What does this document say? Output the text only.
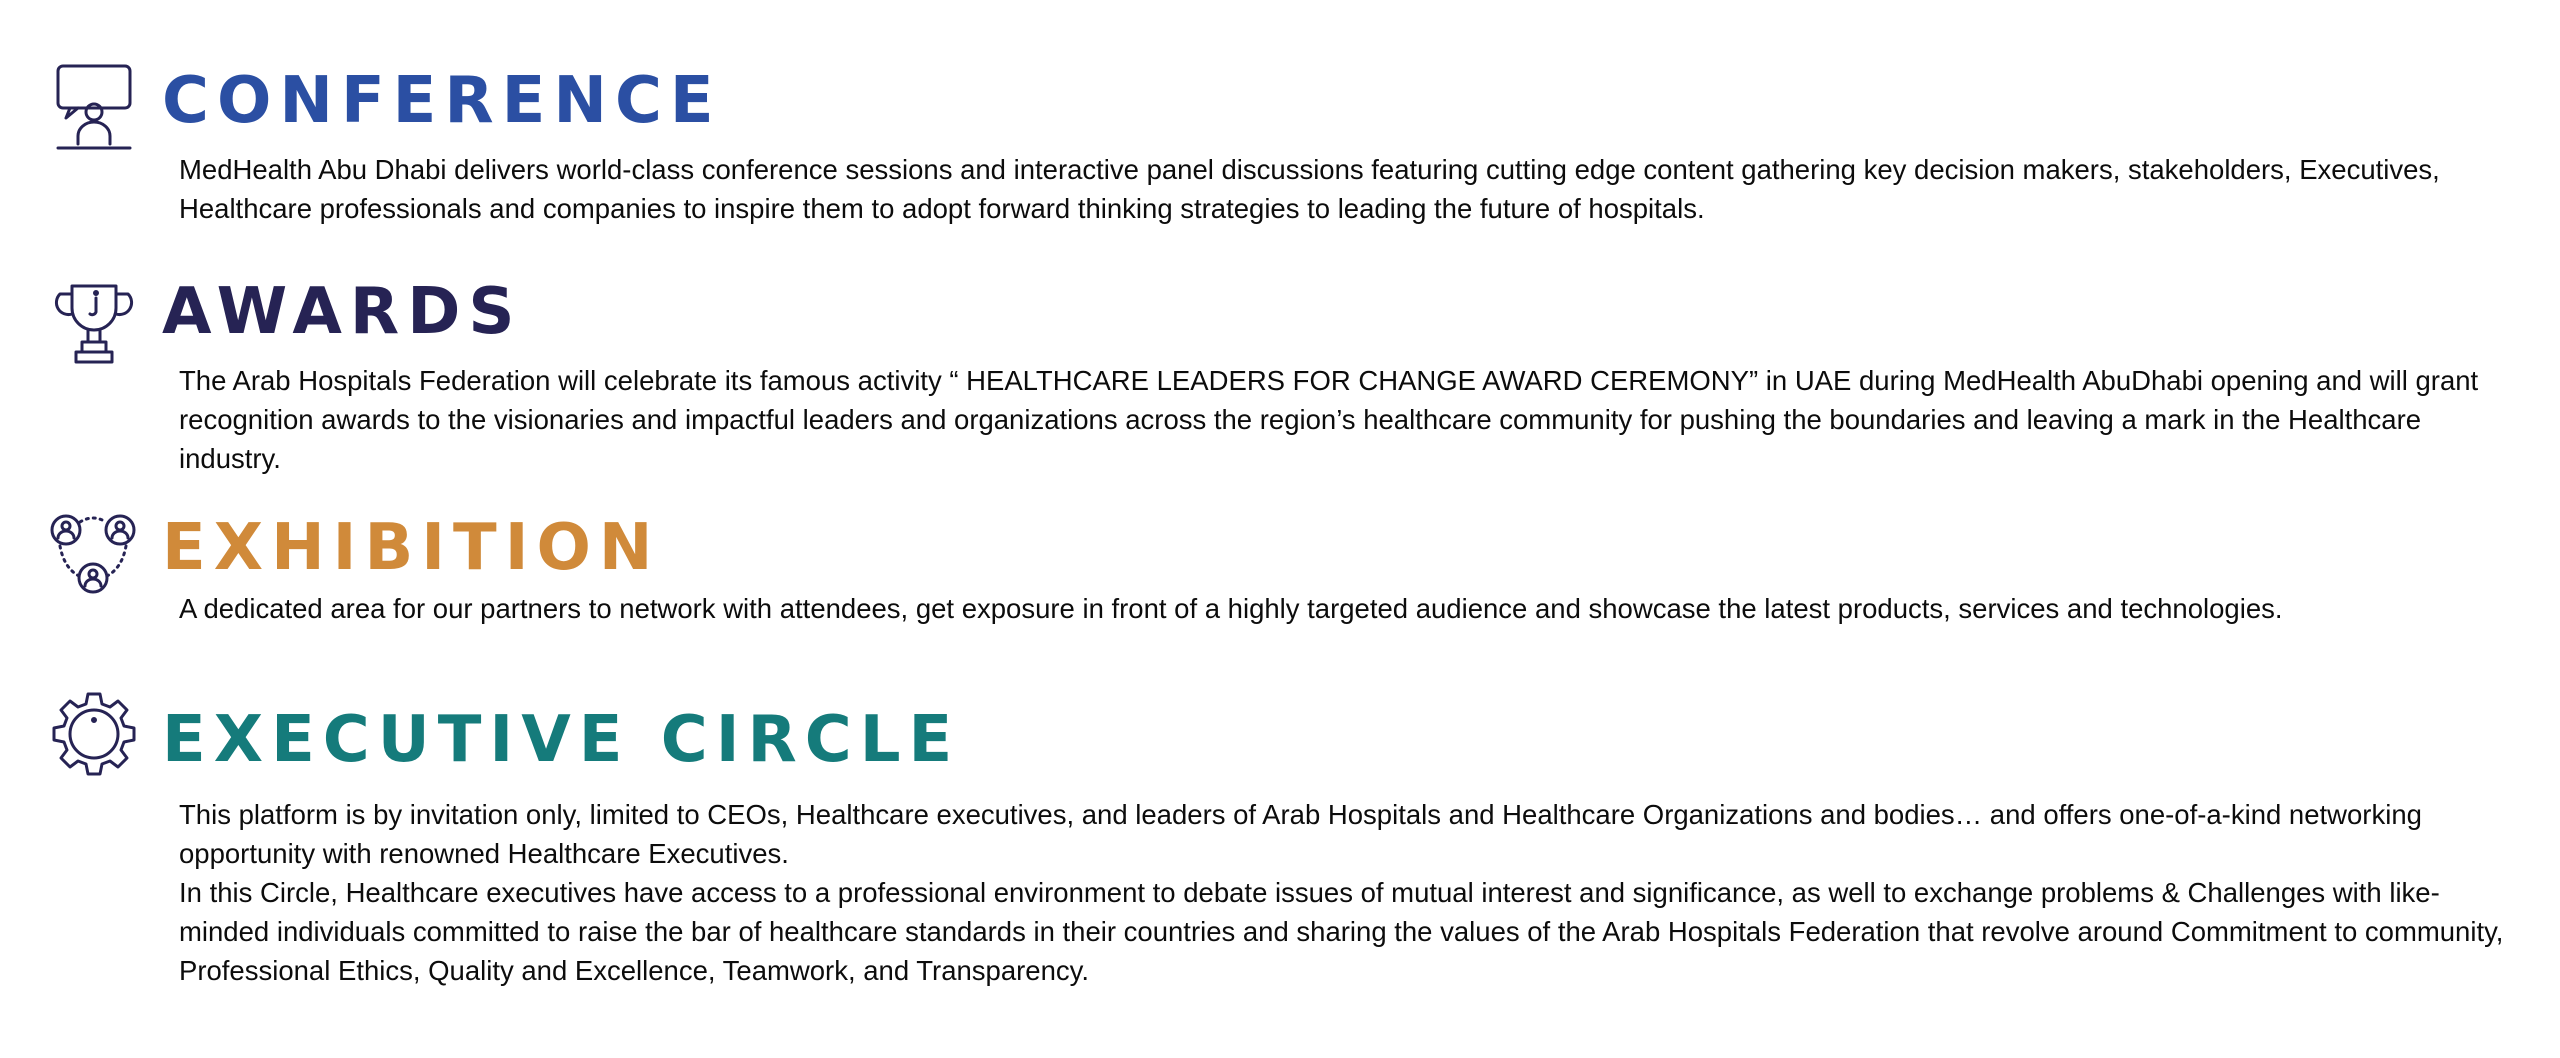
CONFERENCE

MedHealth Abu Dhabi delivers world-class conference sessions and interactive panel discussions featuring cutting edge content gathering key decision makers, stakeholders, Executives, Healthcare professionals and companies to inspire them to adopt forward thinking strategies to leading the future of hospitals.

AWARDS

The Arab Hospitals Federation will celebrate its famous activity “ HEALTHCARE LEADERS FOR CHANGE AWARD CEREMONY” in UAE during MedHealth AbuDhabi opening and will grant recognition awards to the visionaries and impactful leaders and organizations across the region’s healthcare community for pushing the boundaries and leaving a mark in the Healthcare industry.

EXHIBITION

A dedicated area for our partners to network with attendees, get exposure in front of a highly targeted audience and showcase the latest products, services and technologies.

EXECUTIVE CIRCLE

This platform is by invitation only, limited to CEOs, Healthcare executives, and leaders of Arab Hospitals and Healthcare Organizations and bodies… and offers one-of-a-kind networking opportunity with renowned Healthcare Executives.

In this Circle, Healthcare executives have access to a professional environment to debate issues of mutual interest and significance, as well to exchange problems & Challenges with like-minded individuals committed to raise the bar of healthcare standards in their countries and sharing the values of the Arab Hospitals Federation that revolve around Commitment to community, Professional Ethics, Quality and Excellence, Teamwork, and Transparency.
